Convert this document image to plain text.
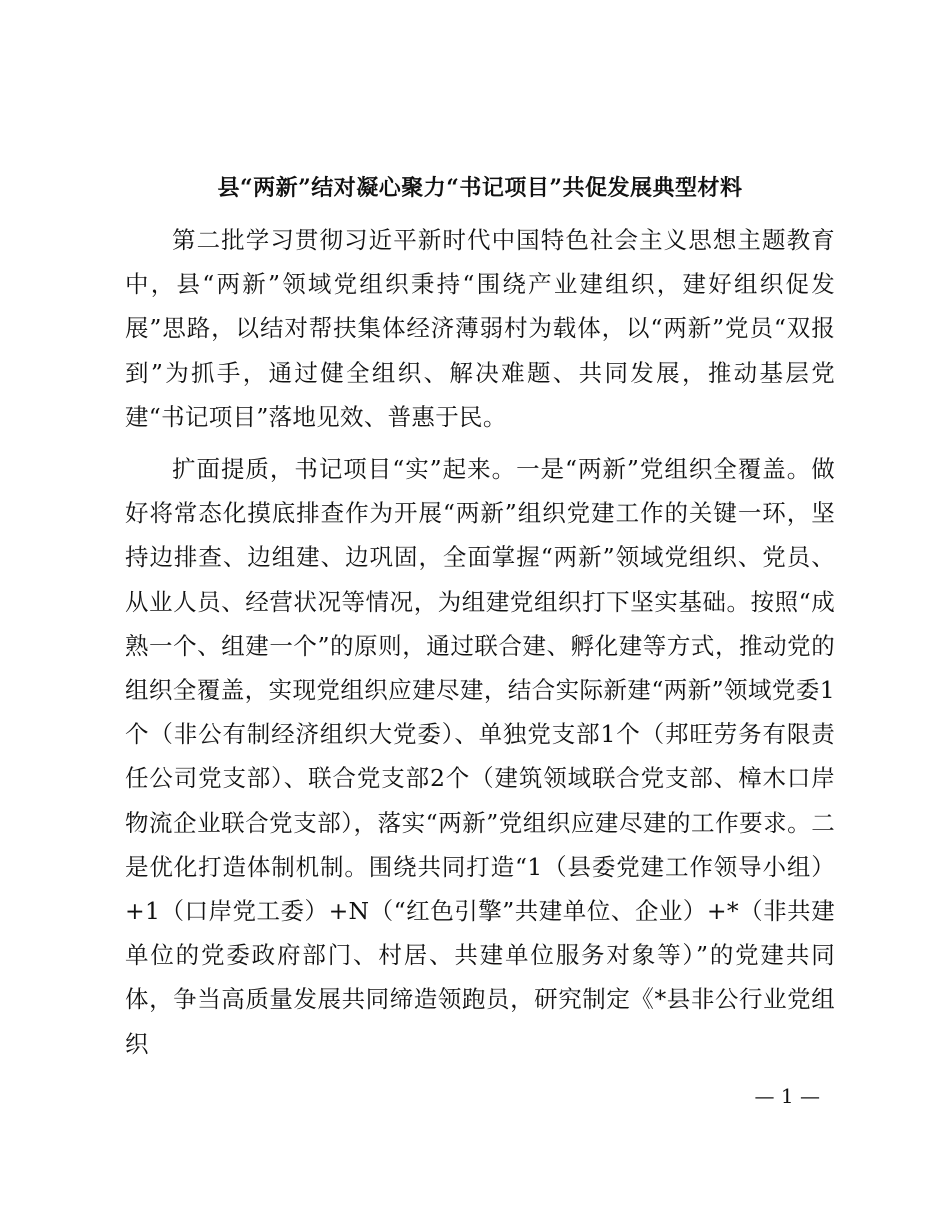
县“两新”结对凝心聚力“书记项目”共促发展典型材料

第二批学习贯彻习近平新时代中国特色社会主义思想主题教育中，县“两新”领域党组织秉持“围绕产业建组织，建好组织促发展”思路，以结对帮扶集体经济薄弱村为载体，以“两新”党员“双报到”为抓手，通过健全组织、解决难题、共同发展，推动基层党建“书记项目”落地见效、普惠于民。

扩面提质，书记项目“实”起来。一是“两新”党组织全覆盖。做好将常态化摸底排查作为开展“两新”组织党建工作的关键一环，坚持边排查、边组建、边巩固，全面掌握“两新”领域党组织、党员、从业人员、经营状况等情况，为组建党组织打下坚实基础。按照“成熟一个、组建一个”的原则，通过联合建、孵化建等方式，推动党的组织全覆盖，实现党组织应建尽建，结合实际新建“两新”领域党委1个（非公有制经济组织大党委）、单独党支部1个（邦旺劳务有限责任公司党支部）、联合党支部2个（建筑领域联合党支部、樟木口岸物流企业联合党支部），落实“两新”党组织应建尽建的工作要求。二是优化打造体制机制。围绕共同打造“1（县委党建工作领导小组）+1（口岸党工委）+N（“红色引擎”共建单位、企业）+*（非共建单位的党委政府部门、村居、共建单位服务对象等）”的党建共同体，争当高质量发展共同缔造领跑员，研究制定《*县非公行业党组织

— 1 —
